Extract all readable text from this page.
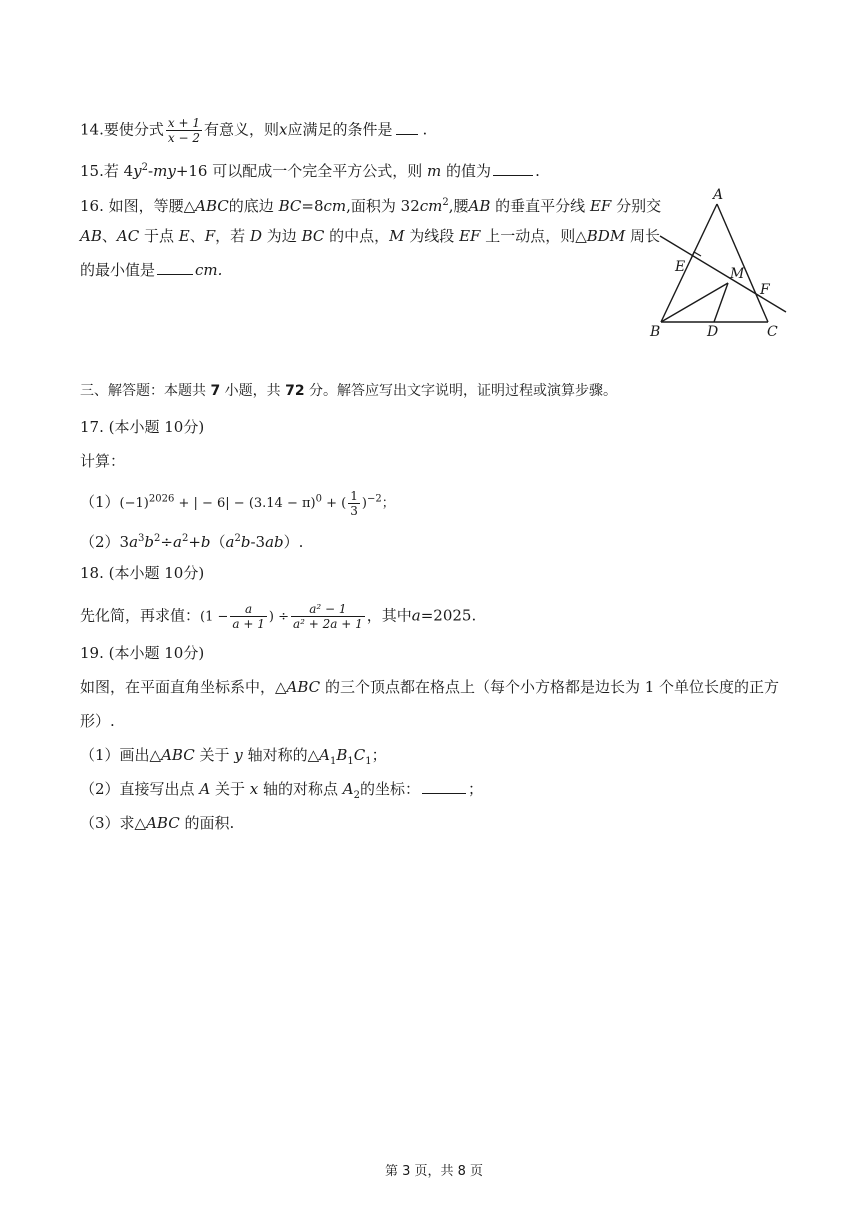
14.要使分式 $\frac{x + 1}{x - 2}$ 有意义，则x应满足的条件是 .
15.若 $4y^2-my+16$ 可以配成一个完全平方公式，则 m 的值为	.
16. 如图，等腰△ABC的底边 BC=8cm,面积为 $32cm^2$,腰AB 的垂直平分线 EF 分别交
AB、AC 于点 E、F，若 D 为边 BC 的中点，M 为线段 EF 上一动点，则△BDM 周长
的最小值是	cm.
A
B	C
D
E
F
M
三、解答题：本题共 7 小题，共 72 分。解答应写出文字说明，证明过程或演算步骤。
17. (本小题 10分)
计算：
$(1)(-1)^{2026}$ + | − $6| - (3.14 - \pi)^0$ + ( $\frac{1}{3} )^{-2}$；
$(2)3a^3b^2\div a^2+b(a^2b-3ab)$.
18. (本小题 10分)
先化简，再求值：($1 - \frac{a}{a + 1}$ ) ÷ $\frac{\text{a² − 1}}{\text{a² + 2a + 1}}$ ，其中a=2025.
19. (本小题 10分)
如图，在平面直角坐标系中，△ABC 的三个顶点都在格点上（每个小方格都是边长为 1 个单位长度的正方
形）.
（1）画出△ABC 关于 y 轴对称的$\triangle A_1B_1C_1$；
（2）直接写出点 A 关于 x 轴的对称点 $A_2$的坐标：	；
（3）求△ABC 的面积.
第 3 页，共 8 页
